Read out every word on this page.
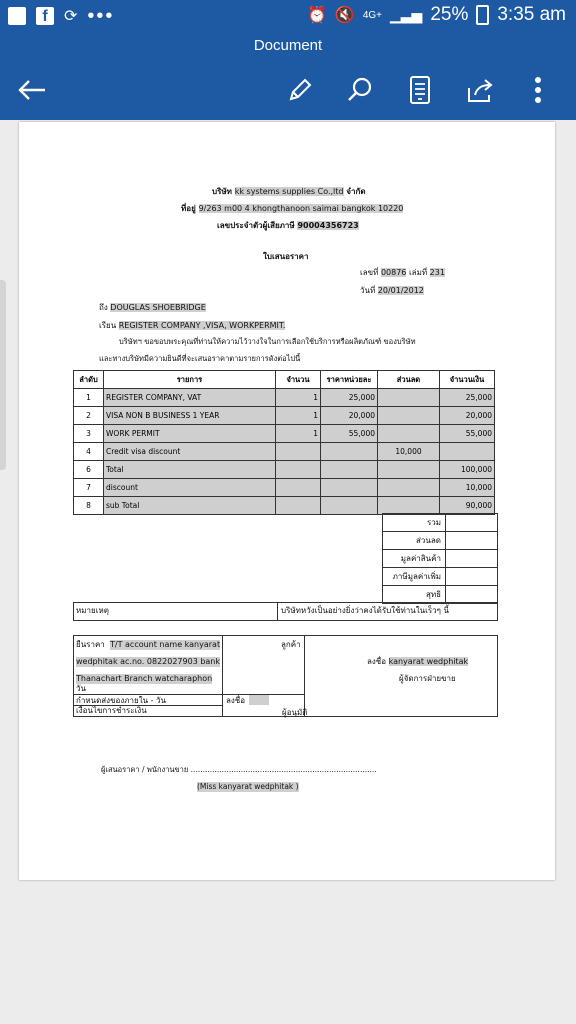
f	⟳ •••	⏰ 🔇 4G+ ▁▃▅ 25% 3:35 am
Document
บริษัท kk systems supplies Co.,ltd จำกัด
ที่อยู่ 9/263 m00 4 khongthanoon saimai bangkok 10220
เลขประจำตัวผู้เสียภาษี 90004356723
ใบเสนอราคา
เลขที่ 00876 เล่มที่ 231
วันที่ 20/01/2012
ถึง DOUGLAS SHOEBRIDGE
เรียน REGISTER COMPANY ,VISA, WORKPERMIT.
บริษัทฯ ขอขอบพระคุณที่ท่านให้ความไว้วางใจในการเลือกใช้บริการหรือผลิตภัณฑ์ ของบริษัท
และทางบริษัทมีความยินดีที่จะเสนอราคาตามรายการดังต่อไปนี้
ลำดับ	รายการ	จำนวน	ราคาหน่วยละ	ส่วนลด	จำนวนเงิน
1	REGISTER COMPANY, VAT	1	25,000		25,000
2	VISA NON B BUSINESS 1 YEAR	1	20,000		20,000
3	WORK PERMIT	1	55,000		55,000
4	Credit visa discount			10,000	
6	Total				100,000
7	discount				10,000
8	sub Total				90,000
รวม
ส่วนลด
มูลค่าสินค้า
ภาษีมูลค่าเพิ่ม
สุทธิ
หมายเหตุ	บริษัทหวังเป็นอย่างยิ่งว่าคงได้รับใช้ท่านในเร็วๆ นี้
ยืนราคา T/T account name kanyarat
wedphitak ac.no. 0822027903 bank
Thanachart Branch watcharaphon
วัน
กำหนดส่งของภายใน - วัน
เงื่อนไขการชำระเงิน
ลูกค้า
ลงชื่อ
ผู้อนุมัติ
ลงชื่อ kanyarat wedphitak
ผู้จัดการฝ่ายขาย
ผู้เสนอราคา / พนักงานขาย ..............................................................................
(Miss kanyarat wedphitak )
